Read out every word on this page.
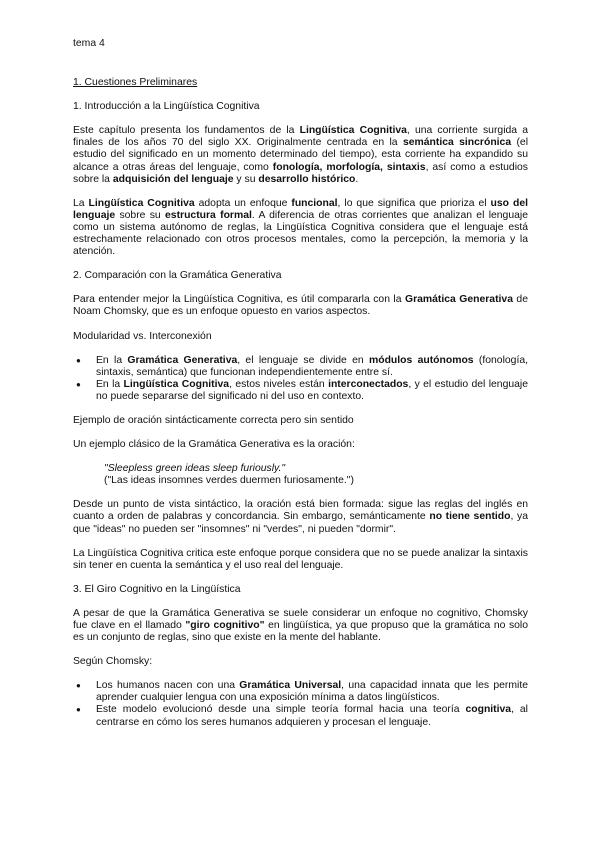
tema 4

1. Cuestiones Preliminares

1. Introducción a la Lingüística Cognitiva

Este capítulo presenta los fundamentos de la Lingüística Cognitiva, una corriente surgida a finales de los años 70 del siglo XX. Originalmente centrada en la semántica sincrónica (el estudio del significado en un momento determinado del tiempo), esta corriente ha expandido su alcance a otras áreas del lenguaje, como fonología, morfología, sintaxis, así como a estudios sobre la adquisición del lenguaje y su desarrollo histórico.

La Lingüística Cognitiva adopta un enfoque funcional, lo que significa que prioriza el uso del lenguaje sobre su estructura formal. A diferencia de otras corrientes que analizan el lenguaje como un sistema autónomo de reglas, la Lingüística Cognitiva considera que el lenguaje está estrechamente relacionado con otros procesos mentales, como la percepción, la memoria y la atención.

2. Comparación con la Gramática Generativa

Para entender mejor la Lingüística Cognitiva, es útil compararla con la Gramática Generativa de Noam Chomsky, que es un enfoque opuesto en varios aspectos.

Modularidad vs. Interconexión

● En la Gramática Generativa, el lenguaje se divide en módulos autónomos (fonología, sintaxis, semántica) que funcionan independientemente entre sí.
● En la Lingüística Cognitiva, estos niveles están interconectados, y el estudio del lenguaje no puede separarse del significado ni del uso en contexto.

Ejemplo de oración sintácticamente correcta pero sin sentido

Un ejemplo clásico de la Gramática Generativa es la oración:

"Sleepless green ideas sleep furiously."

("Las ideas insomnes verdes duermen furiosamente.")

Desde un punto de vista sintáctico, la oración está bien formada: sigue las reglas del inglés en cuanto a orden de palabras y concordancia. Sin embargo, semánticamente no tiene sentido, ya que "ideas" no pueden ser "insomnes" ni "verdes", ni pueden "dormir".

La Lingüística Cognitiva critica este enfoque porque considera que no se puede analizar la sintaxis sin tener en cuenta la semántica y el uso real del lenguaje.

3. El Giro Cognitivo en la Lingüística

A pesar de que la Gramática Generativa se suele considerar un enfoque no cognitivo, Chomsky fue clave en el llamado "giro cognitivo" en lingüística, ya que propuso que la gramática no solo es un conjunto de reglas, sino que existe en la mente del hablante.

Según Chomsky:

● Los humanos nacen con una Gramática Universal, una capacidad innata que les permite aprender cualquier lengua con una exposición mínima a datos lingüísticos.
● Este modelo evolucionó desde una simple teoría formal hacia una teoría cognitiva, al centrarse en cómo los seres humanos adquieren y procesan el lenguaje.
